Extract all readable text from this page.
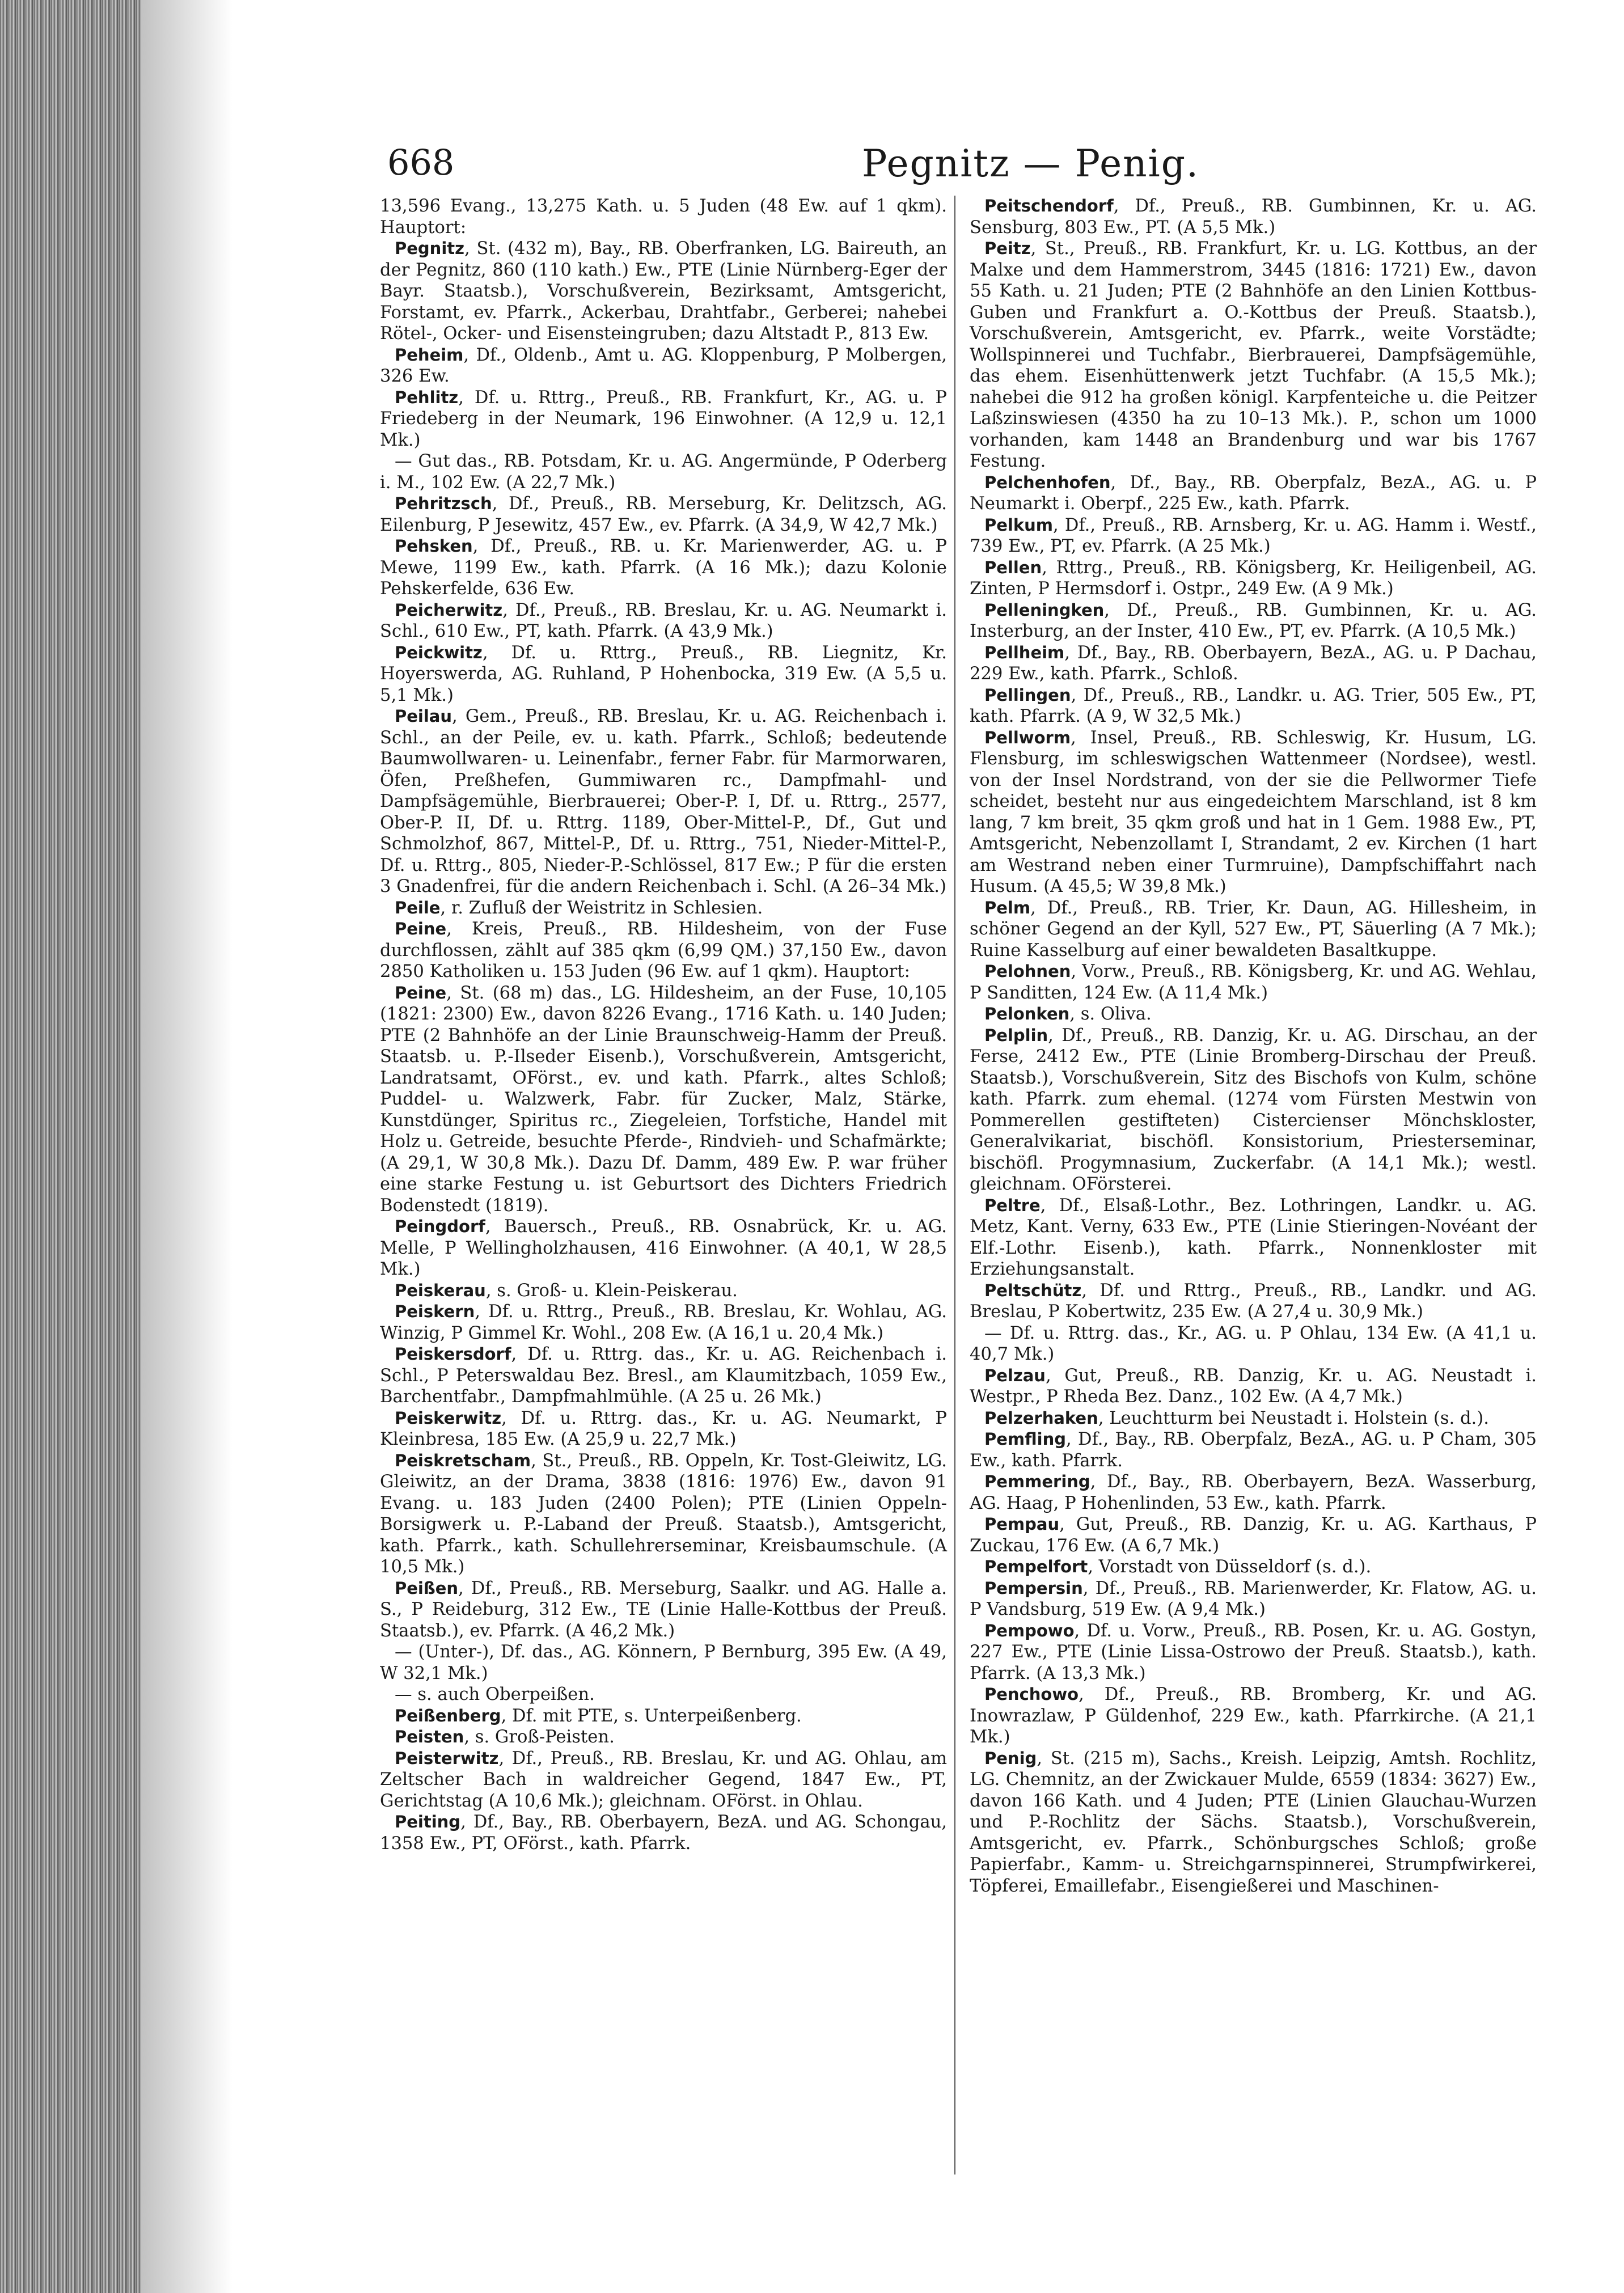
668	Pegnitz — Penig.

13,596 Evang., 13,275 Kath. u. 5 Juden (48 Ew. auf 1 qkm). Hauptort:

Pegnitz, St. (432 m), Bay., RB. Oberfranken, LG. Baireuth, an der Pegnitz, 860 (110 kath.) Ew., PTE (Linie Nürnberg-Eger der Bayr. Staatsb.), Vorschußverein, Bezirksamt, Amtsgericht, Forstamt, ev. Pfarrk., Ackerbau, Drahtfabr., Gerberei; nahebei Rötel-, Ocker- und Eisensteingruben; dazu Altstadt P., 813 Ew.

Peheim, Df., Oldenb., Amt u. AG. Kloppenburg, P Molbergen, 326 Ew.

Pehlitz, Df. u. Rttrg., Preuß., RB. Frankfurt, Kr., AG. u. P Friedeberg in der Neumark, 196 Einwohner. (A 12,9 u. 12,1 Mk.)

— Gut das., RB. Potsdam, Kr. u. AG. Angermünde, P Oderberg i. M., 102 Ew. (A 22,7 Mk.)

Pehritzsch, Df., Preuß., RB. Merseburg, Kr. Delitzsch, AG. Eilenburg, P Jesewitz, 457 Ew., ev. Pfarrk. (A 34,9, W 42,7 Mk.)

Pehsken, Df., Preuß., RB. u. Kr. Marienwerder, AG. u. P Mewe, 1199 Ew., kath. Pfarrk. (A 16 Mk.); dazu Kolonie Pehskerfelde, 636 Ew.

Peicherwitz, Df., Preuß., RB. Breslau, Kr. u. AG. Neumarkt i. Schl., 610 Ew., PT, kath. Pfarrk. (A 43,9 Mk.)

Peickwitz, Df. u. Rttrg., Preuß., RB. Liegnitz, Kr. Hoyerswerda, AG. Ruhland, P Hohenbocka, 319 Ew. (A 5,5 u. 5,1 Mk.)

Peilau, Gem., Preuß., RB. Breslau, Kr. u. AG. Reichenbach i. Schl., an der Peile, ev. u. kath. Pfarrk., Schloß; bedeutende Baumwollwaren- u. Leinenfabr., ferner Fabr. für Marmorwaren, Öfen, Preßhefen, Gummiwaren rc., Dampfmahl- und Dampfsägemühle, Bierbrauerei; Ober-P. I, Df. u. Rttrg., 2577, Ober-P. II, Df. u. Rttrg. 1189, Ober-Mittel-P., Df., Gut und Schmolzhof, 867, Mittel-P., Df. u. Rttrg., 751, Nieder-Mittel-P., Df. u. Rttrg., 805, Nieder-P.-Schlössel, 817 Ew.; P für die ersten 3 Gnadenfrei, für die andern Reichenbach i. Schl. (A 26–34 Mk.)

Peile, r. Zufluß der Weistritz in Schlesien.

Peine, Kreis, Preuß., RB. Hildesheim, von der Fuse durchflossen, zählt auf 385 qkm (6,99 QM.) 37,150 Ew., davon 2850 Katholiken u. 153 Juden (96 Ew. auf 1 qkm). Hauptort:

Peine, St. (68 m) das., LG. Hildesheim, an der Fuse, 10,105 (1821: 2300) Ew., davon 8226 Evang., 1716 Kath. u. 140 Juden; PTE (2 Bahnhöfe an der Linie Braunschweig-Hamm der Preuß. Staatsb. u. P.-Ilseder Eisenb.), Vorschußverein, Amtsgericht, Landratsamt, OFörst., ev. und kath. Pfarrk., altes Schloß; Puddel- u. Walzwerk, Fabr. für Zucker, Malz, Stärke, Kunstdünger, Spiritus rc., Ziegeleien, Torfstiche, Handel mit Holz u. Getreide, besuchte Pferde-, Rindvieh- und Schafmärkte; (A 29,1, W 30,8 Mk.). Dazu Df. Damm, 489 Ew. P. war früher eine starke Festung u. ist Geburtsort des Dichters Friedrich Bodenstedt (1819).

Peingdorf, Bauersch., Preuß., RB. Osnabrück, Kr. u. AG. Melle, P Wellingholzhausen, 416 Einwohner. (A 40,1, W 28,5 Mk.)

Peiskerau, s. Groß- u. Klein-Peiskerau.

Peiskern, Df. u. Rttrg., Preuß., RB. Breslau, Kr. Wohlau, AG. Winzig, P Gimmel Kr. Wohl., 208 Ew. (A 16,1 u. 20,4 Mk.)

Peiskersdorf, Df. u. Rttrg. das., Kr. u. AG. Reichenbach i. Schl., P Peterswaldau Bez. Bresl., am Klaumitzbach, 1059 Ew., Barchentfabr., Dampfmahlmühle. (A 25 u. 26 Mk.)

Peiskerwitz, Df. u. Rttrg. das., Kr. u. AG. Neumarkt, P Kleinbresa, 185 Ew. (A 25,9 u. 22,7 Mk.)

Peiskretscham, St., Preuß., RB. Oppeln, Kr. Tost-Gleiwitz, LG. Gleiwitz, an der Drama, 3838 (1816: 1976) Ew., davon 91 Evang. u. 183 Juden (2400 Polen); PTE (Linien Oppeln-Borsigwerk u. P.-Laband der Preuß. Staatsb.), Amtsgericht, kath. Pfarrk., kath. Schullehrerseminar, Kreisbaumschule. (A 10,5 Mk.)

Peißen, Df., Preuß., RB. Merseburg, Saalkr. und AG. Halle a. S., P Reideburg, 312 Ew., TE (Linie Halle-Kottbus der Preuß. Staatsb.), ev. Pfarrk. (A 46,2 Mk.)

— (Unter-), Df. das., AG. Könnern, P Bernburg, 395 Ew. (A 49, W 32,1 Mk.)

— s. auch Oberpeißen.

Peißenberg, Df. mit PTE, s. Unterpeißenberg.

Peisten, s. Groß-Peisten.

Peisterwitz, Df., Preuß., RB. Breslau, Kr. und AG. Ohlau, am Zeltscher Bach in waldreicher Gegend, 1847 Ew., PT, Gerichtstag (A 10,6 Mk.); gleichnam. OFörst. in Ohlau.

Peiting, Df., Bay., RB. Oberbayern, BezA. und AG. Schongau, 1358 Ew., PT, OFörst., kath. Pfarrk.

Peitschendorf, Df., Preuß., RB. Gumbinnen, Kr. u. AG. Sensburg, 803 Ew., PT. (A 5,5 Mk.)

Peitz, St., Preuß., RB. Frankfurt, Kr. u. LG. Kottbus, an der Malxe und dem Hammerstrom, 3445 (1816: 1721) Ew., davon 55 Kath. u. 21 Juden; PTE (2 Bahnhöfe an den Linien Kottbus-Guben und Frankfurt a. O.-Kottbus der Preuß. Staatsb.), Vorschußverein, Amtsgericht, ev. Pfarrk., weite Vorstädte; Wollspinnerei und Tuchfabr., Bierbrauerei, Dampfsägemühle, das ehem. Eisenhüttenwerk jetzt Tuchfabr. (A 15,5 Mk.); nahebei die 912 ha großen königl. Karpfenteiche u. die Peitzer Laßzinswiesen (4350 ha zu 10–13 Mk.). P., schon um 1000 vorhanden, kam 1448 an Brandenburg und war bis 1767 Festung.

Pelchenhofen, Df., Bay., RB. Oberpfalz, BezA., AG. u. P Neumarkt i. Oberpf., 225 Ew., kath. Pfarrk.

Pelkum, Df., Preuß., RB. Arnsberg, Kr. u. AG. Hamm i. Westf., 739 Ew., PT, ev. Pfarrk. (A 25 Mk.)

Pellen, Rttrg., Preuß., RB. Königsberg, Kr. Heiligenbeil, AG. Zinten, P Hermsdorf i. Ostpr., 249 Ew. (A 9 Mk.)

Pelleningken, Df., Preuß., RB. Gumbinnen, Kr. u. AG. Insterburg, an der Inster, 410 Ew., PT, ev. Pfarrk. (A 10,5 Mk.)

Pellheim, Df., Bay., RB. Oberbayern, BezA., AG. u. P Dachau, 229 Ew., kath. Pfarrk., Schloß.

Pellingen, Df., Preuß., RB., Landkr. u. AG. Trier, 505 Ew., PT, kath. Pfarrk. (A 9, W 32,5 Mk.)

Pellworm, Insel, Preuß., RB. Schleswig, Kr. Husum, LG. Flensburg, im schleswigschen Wattenmeer (Nordsee), westl. von der Insel Nordstrand, von der sie die Pellwormer Tiefe scheidet, besteht nur aus eingedeichtem Marschland, ist 8 km lang, 7 km breit, 35 qkm groß und hat in 1 Gem. 1988 Ew., PT, Amtsgericht, Nebenzollamt I, Strandamt, 2 ev. Kirchen (1 hart am Westrand neben einer Turmruine), Dampfschiffahrt nach Husum. (A 45,5; W 39,8 Mk.)

Pelm, Df., Preuß., RB. Trier, Kr. Daun, AG. Hillesheim, in schöner Gegend an der Kyll, 527 Ew., PT, Säuerling (A 7 Mk.); Ruine Kasselburg auf einer bewaldeten Basaltkuppe.

Pelohnen, Vorw., Preuß., RB. Königsberg, Kr. und AG. Wehlau, P Sanditten, 124 Ew. (A 11,4 Mk.)

Pelonken, s. Oliva.

Pelplin, Df., Preuß., RB. Danzig, Kr. u. AG. Dirschau, an der Ferse, 2412 Ew., PTE (Linie Bromberg-Dirschau der Preuß. Staatsb.), Vorschußverein, Sitz des Bischofs von Kulm, schöne kath. Pfarrk. zum ehemal. (1274 vom Fürsten Mestwin von Pommerellen gestifteten) Cistercienser Mönchskloster, Generalvikariat, bischöfl. Konsistorium, Priesterseminar, bischöfl. Progymnasium, Zuckerfabr. (A 14,1 Mk.); westl. gleichnam. OFörsterei.

Peltre, Df., Elsaß-Lothr., Bez. Lothringen, Landkr. u. AG. Metz, Kant. Verny, 633 Ew., PTE (Linie Stieringen-Novéant der Elf.-Lothr. Eisenb.), kath. Pfarrk., Nonnenkloster mit Erziehungsanstalt.

Peltschütz, Df. und Rttrg., Preuß., RB., Landkr. und AG. Breslau, P Kobertwitz, 235 Ew. (A 27,4 u. 30,9 Mk.)

— Df. u. Rttrg. das., Kr., AG. u. P Ohlau, 134 Ew. (A 41,1 u. 40,7 Mk.)

Pelzau, Gut, Preuß., RB. Danzig, Kr. u. AG. Neustadt i. Westpr., P Rheda Bez. Danz., 102 Ew. (A 4,7 Mk.)

Pelzerhaken, Leuchtturm bei Neustadt i. Holstein (s. d.).

Pemfling, Df., Bay., RB. Oberpfalz, BezA., AG. u. P Cham, 305 Ew., kath. Pfarrk.

Pemmering, Df., Bay., RB. Oberbayern, BezA. Wasserburg, AG. Haag, P Hohenlinden, 53 Ew., kath. Pfarrk.

Pempau, Gut, Preuß., RB. Danzig, Kr. u. AG. Karthaus, P Zuckau, 176 Ew. (A 6,7 Mk.)

Pempelfort, Vorstadt von Düsseldorf (s. d.).

Pempersin, Df., Preuß., RB. Marienwerder, Kr. Flatow, AG. u. P Vandsburg, 519 Ew. (A 9,4 Mk.)

Pempowo, Df. u. Vorw., Preuß., RB. Posen, Kr. u. AG. Gostyn, 227 Ew., PTE (Linie Lissa-Ostrowo der Preuß. Staatsb.), kath. Pfarrk. (A 13,3 Mk.)

Penchowo, Df., Preuß., RB. Bromberg, Kr. und AG. Inowrazlaw, P Güldenhof, 229 Ew., kath. Pfarrkirche. (A 21,1 Mk.)

Penig, St. (215 m), Sachs., Kreish. Leipzig, Amtsh. Rochlitz, LG. Chemnitz, an der Zwickauer Mulde, 6559 (1834: 3627) Ew., davon 166 Kath. und 4 Juden; PTE (Linien Glauchau-Wurzen und P.-Rochlitz der Sächs. Staatsb.), Vorschußverein, Amtsgericht, ev. Pfarrk., Schönburgsches Schloß; große Papierfabr., Kamm- u. Streichgarnspinnerei, Strumpfwirkerei, Töpferei, Emaillefabr., Eisengießerei und Maschinen-
